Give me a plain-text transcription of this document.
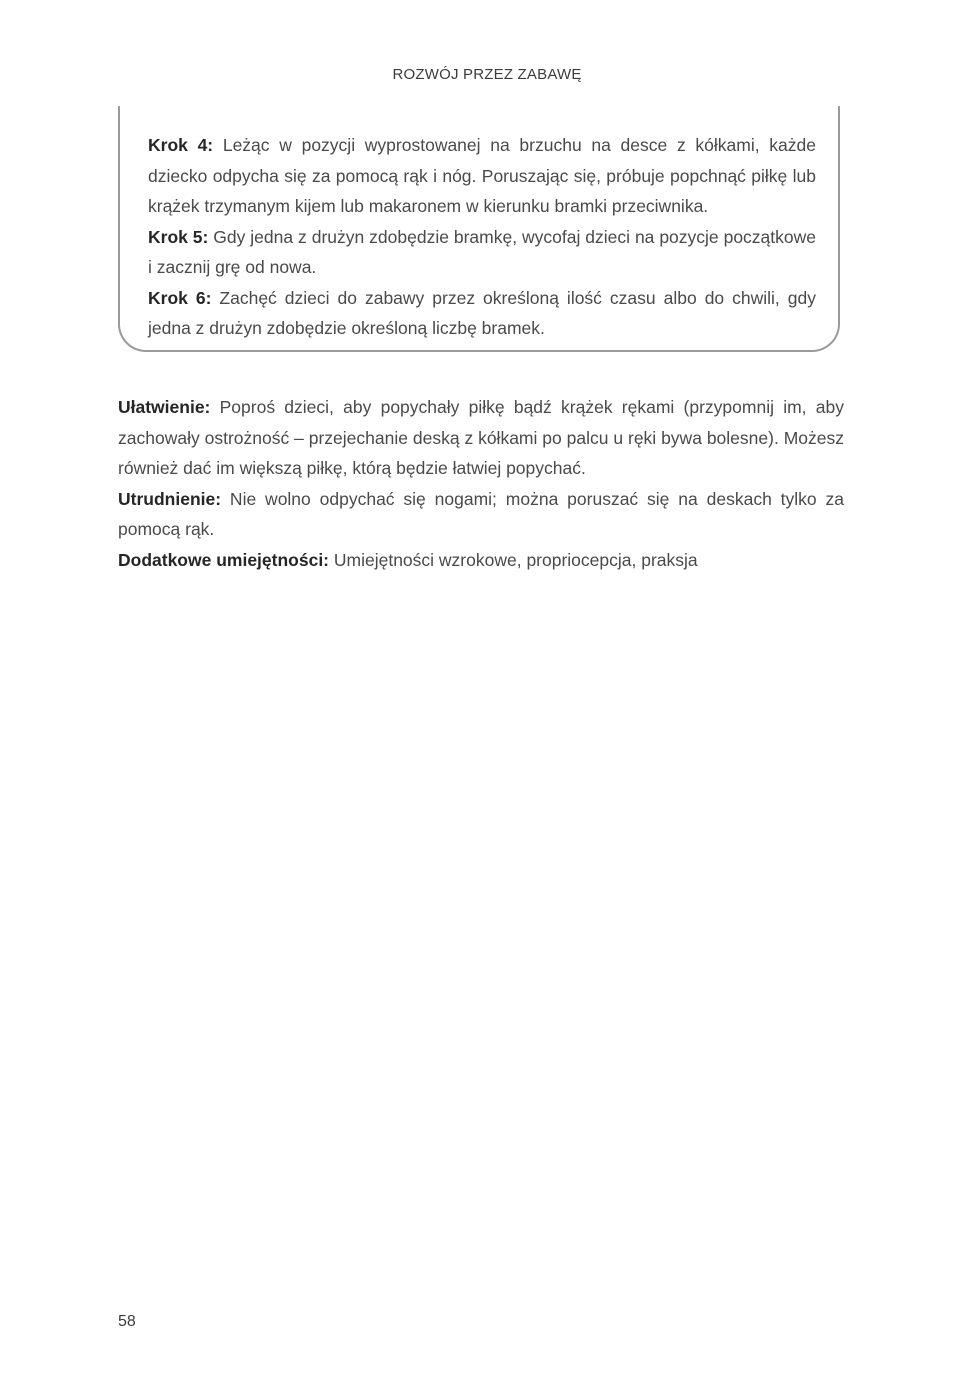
ROZWÓJ PRZEZ ZABAWĘ

Krok 4: Leżąc w pozycji wyprostowanej na brzuchu na desce z kółkami, każde dziecko odpycha się za pomocą rąk i nóg. Poruszając się, próbuje popchnąć piłkę lub krążek trzymanym kijem lub makaronem w kierunku bramki przeciwnika.

Krok 5: Gdy jedna z drużyn zdobędzie bramkę, wycofaj dzieci na pozycje początkowe i zacznij grę od nowa.

Krok 6: Zachęć dzieci do zabawy przez określoną ilość czasu albo do chwili, gdy jedna z drużyn zdobędzie określoną liczbę bramek.

Ułatwienie: Poproś dzieci, aby popychały piłkę bądź krążek rękami (przypomnij im, aby zachowały ostrożność – przejechanie deską z kółkami po palcu u ręki bywa bolesne). Możesz również dać im większą piłkę, którą będzie łatwiej popychać.

Utrudnienie: Nie wolno odpychać się nogami; można poruszać się na deskach tylko za pomocą rąk.

Dodatkowe umiejętności: Umiejętności wzrokowe, propriocepcja, praksja

58
